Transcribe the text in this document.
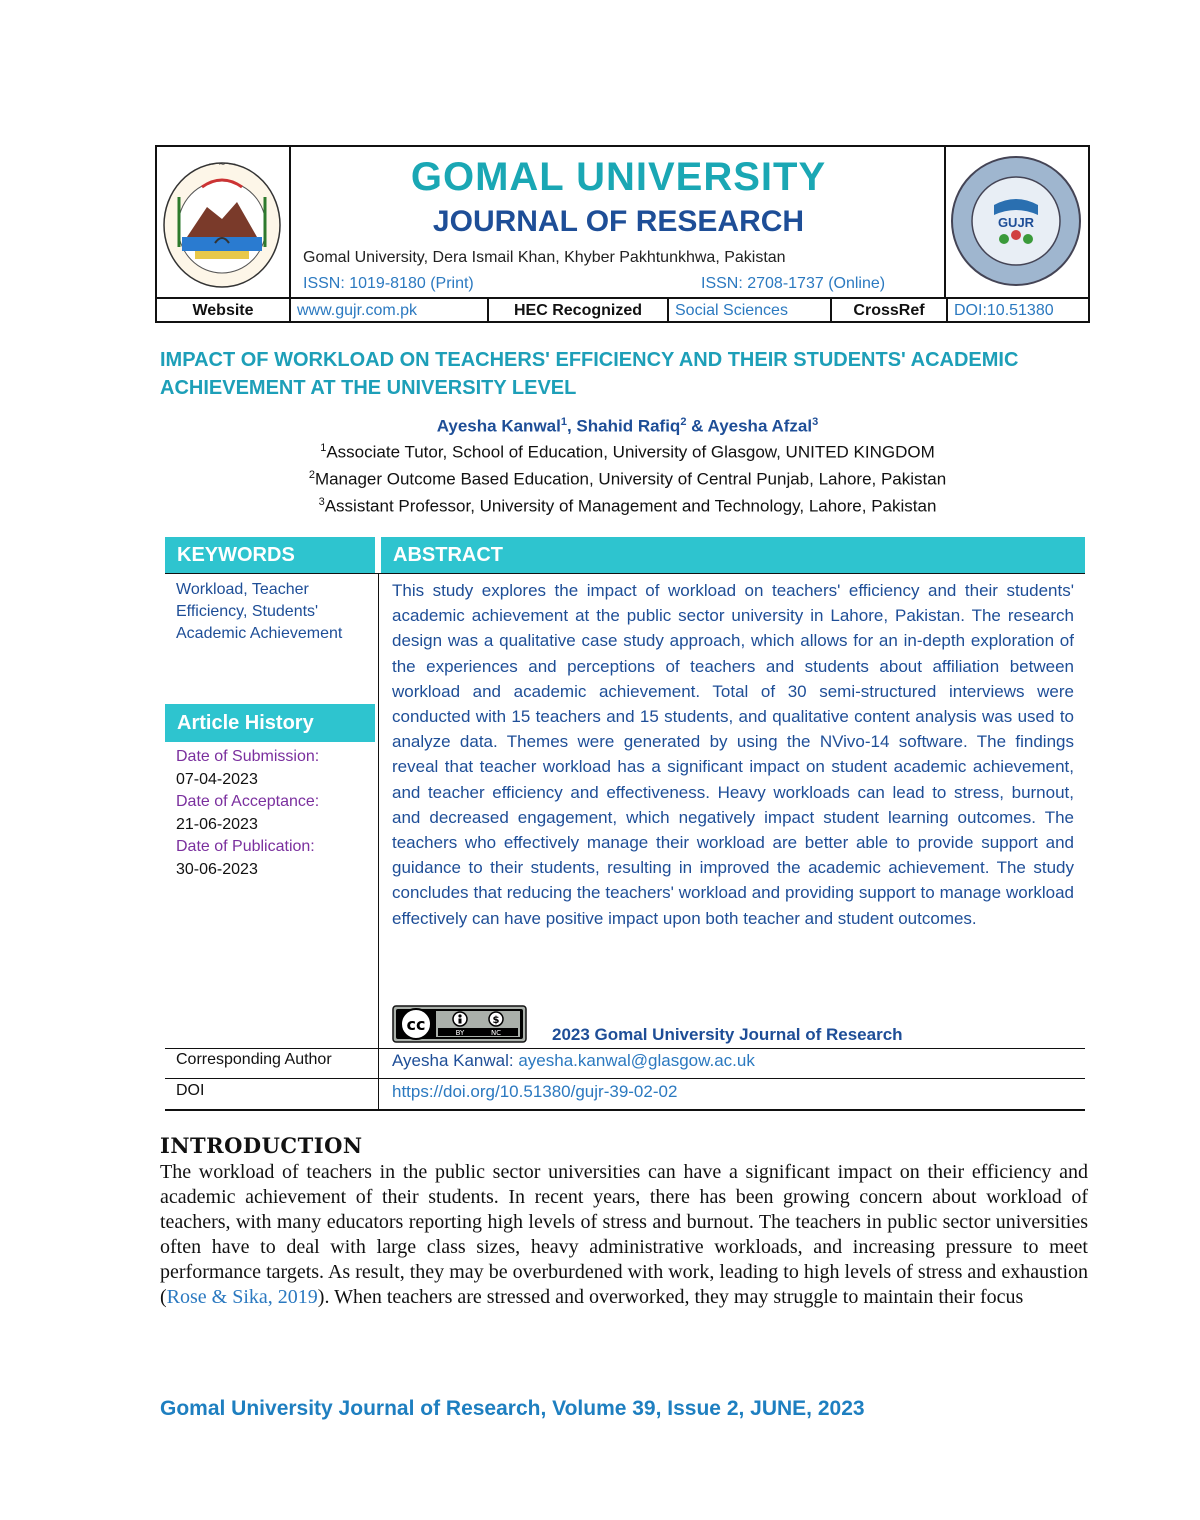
~ ~ ~	GOMAL UNIVERSITY
JOURNAL OF RESEARCH
Gomal University, Dera Ismail Khan, Khyber Pakhtunkhwa, Pakistan
ISSN: 1019-8180 (Print)	ISSN: 2708-1737 (Online)
GUJR
Website	www.gujr.com.pk	HEC Recognized	Social Sciences	CrossRef	DOI:10.51380
IMPACT OF WORKLOAD ON TEACHERS' EFFICIENCY AND THEIR STUDENTS' ACADEMIC ACHIEVEMENT AT THE UNIVERSITY LEVEL
Ayesha Kanwal$^1$, Shahid Rafiq$^2$ & Ayesha Afzal$^3$
$^1$Associate Tutor, School of Education, University of Glasgow, UNITED KINGDOM
$^2$Manager Outcome Based Education, University of Central Punjab, Lahore, Pakistan
$^3$Assistant Professor, University of Management and Technology, Lahore, Pakistan
KEYWORDS	ABSTRACT
Workload, Teacher Efficiency, Students' Academic Achievement
Article History
Date of Submission:
07-04-2023
Date of Acceptance:
21-06-2023
Date of Publication:
30-06-2023
This study explores the impact of workload on teachers' efficiency and their students' academic achievement at the public sector university in Lahore, Pakistan. The research design was a qualitative case study approach, which allows for an in-depth exploration of the experiences and perceptions of teachers and students about affiliation between workload and academic achievement. Total of 30 semi-structured interviews were conducted with 15 teachers and 15 students, and qualitative content analysis was used to analyze data. Themes were generated by using the NVivo-14 software. The findings reveal that teacher workload has a significant impact on student academic achievement, and teacher efficiency and effectiveness. Heavy workloads can lead to stress, burnout, and decreased engagement, which negatively impact student learning outcomes. The teachers who effectively manage their workload are better able to provide support and guidance to their students, resulting in improved the academic achievement. The study concludes that reducing the teachers' workload and providing support to manage workload effectively can have positive impact upon both teacher and student outcomes.
cc	$
BY	NC	2023 Gomal University Journal of Research
Corresponding Author	Ayesha Kanwal: ayesha.kanwal@glasgow.ac.uk
DOI	https://doi.org/10.51380/gujr-39-02-02
INTRODUCTION
The workload of teachers in the public sector universities can have a significant impact on their efficiency and academic achievement of their students. In recent years, there has been growing concern about workload of teachers, with many educators reporting high levels of stress and burnout. The teachers in public sector universities often have to deal with large class sizes, heavy administrative workloads, and increasing pressure to meet performance targets. As result, they may be overburdened with work, leading to high levels of stress and exhaustion (Rose & Sika, 2019). When teachers are stressed and overworked, they may struggle to maintain their focus
Gomal University Journal of Research, Volume 39, Issue 2, JUNE, 2023
